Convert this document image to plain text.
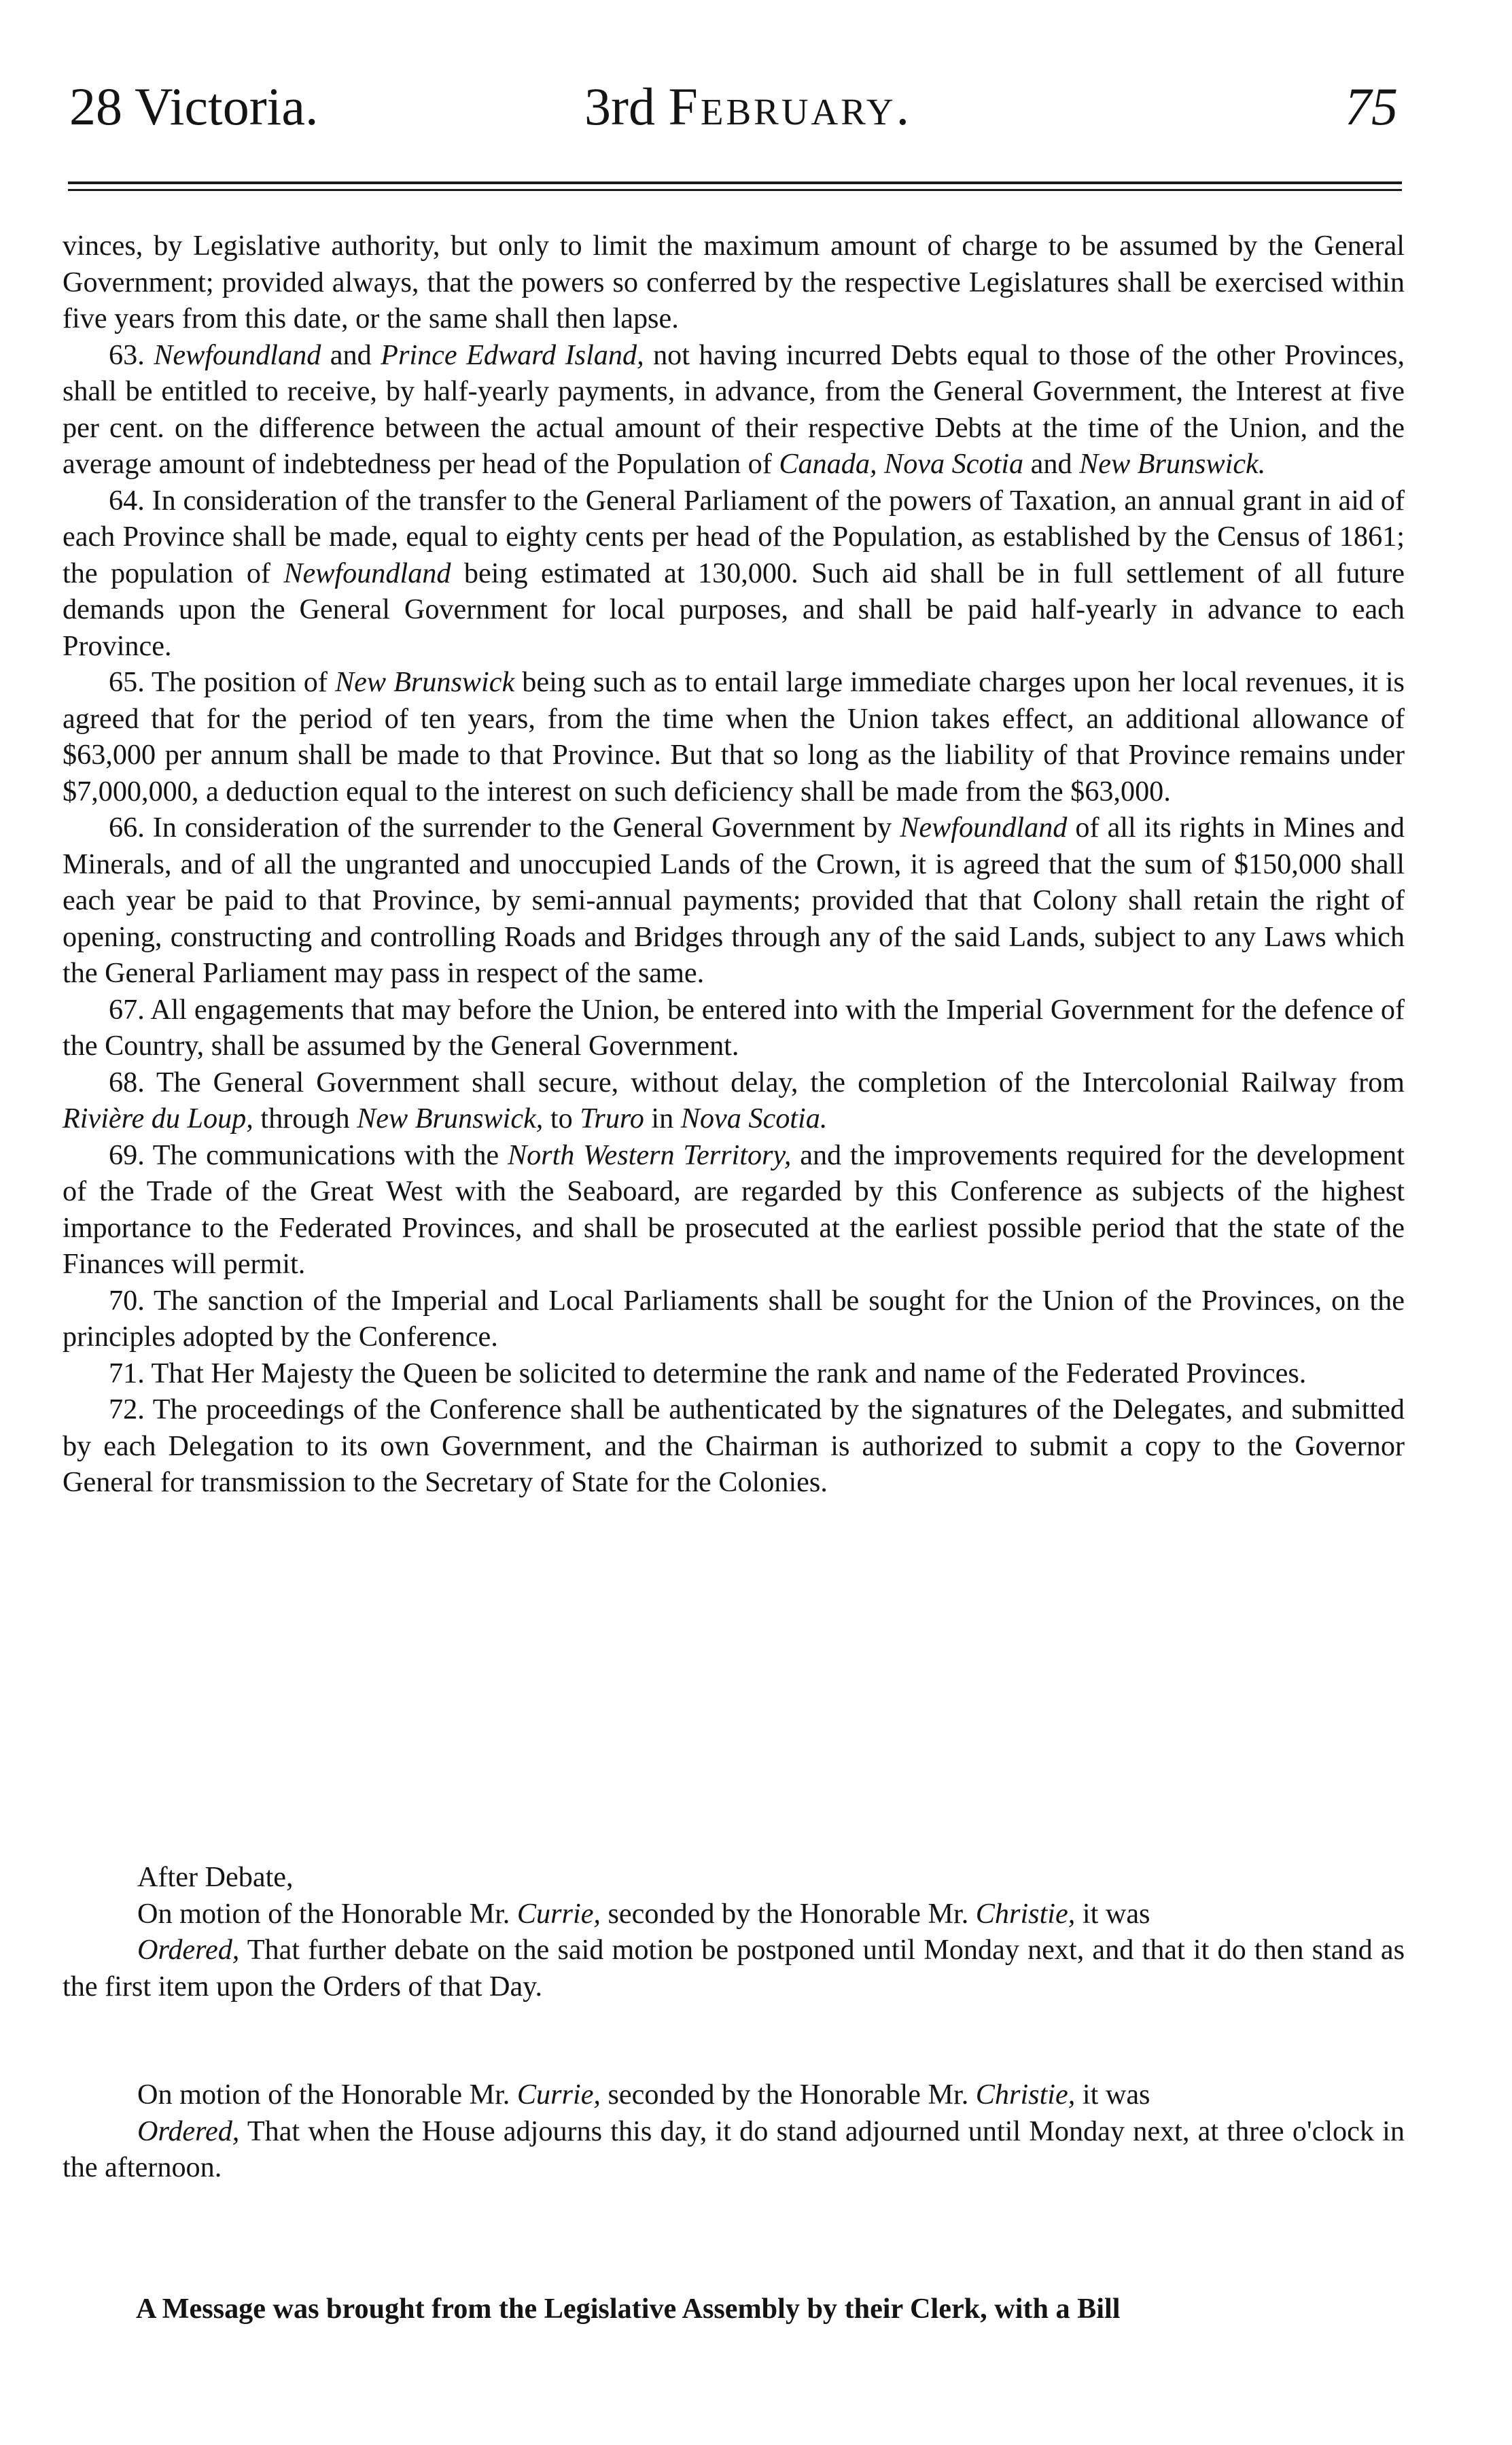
28 Victoria.	3rd February.	75

vinces, by Legislative authority, but only to limit the maximum amount of charge to be assumed by the General Government; provided always, that the powers so conferred by the respective Legislatures shall be exercised within five years from this date, or the same shall then lapse.

63. Newfoundland and Prince Edward Island, not having incurred Debts equal to those of the other Provinces, shall be entitled to receive, by half-yearly payments, in advance, from the General Government, the Interest at five per cent. on the difference between the actual amount of their respective Debts at the time of the Union, and the average amount of indebtedness per head of the Population of Canada, Nova Scotia and New Brunswick.

64. In consideration of the transfer to the General Parliament of the powers of Taxation, an annual grant in aid of each Province shall be made, equal to eighty cents per head of the Population, as established by the Census of 1861; the population of Newfoundland being estimated at 130,000. Such aid shall be in full settlement of all future demands upon the General Government for local purposes, and shall be paid half-yearly in advance to each Province.

65. The position of New Brunswick being such as to entail large immediate charges upon her local revenues, it is agreed that for the period of ten years, from the time when the Union takes effect, an additional allowance of $63,000 per annum shall be made to that Province. But that so long as the liability of that Province remains under $7,000,000, a deduction equal to the interest on such deficiency shall be made from the $63,000.

66. In consideration of the surrender to the General Government by Newfoundland of all its rights in Mines and Minerals, and of all the ungranted and unoccupied Lands of the Crown, it is agreed that the sum of $150,000 shall each year be paid to that Province, by semi-annual payments; provided that that Colony shall retain the right of opening, constructing and controlling Roads and Bridges through any of the said Lands, subject to any Laws which the General Parliament may pass in respect of the same.

67. All engagements that may before the Union, be entered into with the Imperial Government for the defence of the Country, shall be assumed by the General Government.

68. The General Government shall secure, without delay, the completion of the Intercolonial Railway from Rivière du Loup, through New Brunswick, to Truro in Nova Scotia.

69. The communications with the North Western Territory, and the improvements required for the development of the Trade of the Great West with the Seaboard, are regarded by this Conference as subjects of the highest importance to the Federated Provinces, and shall be prosecuted at the earliest possible period that the state of the Finances will permit.

70. The sanction of the Imperial and Local Parliaments shall be sought for the Union of the Provinces, on the principles adopted by the Conference.

71. That Her Majesty the Queen be solicited to determine the rank and name of the Federated Provinces.

72. The proceedings of the Conference shall be authenticated by the signatures of the Delegates, and submitted by each Delegation to its own Government, and the Chairman is authorized to submit a copy to the Governor General for transmission to the Secretary of State for the Colonies.

After Debate,

On motion of the Honorable Mr. Currie, seconded by the Honorable Mr. Christie, it was

Ordered, That further debate on the said motion be postponed until Monday next, and that it do then stand as the first item upon the Orders of that Day.

On motion of the Honorable Mr. Currie, seconded by the Honorable Mr. Christie, it was

Ordered, That when the House adjourns this day, it do stand adjourned until Monday next, at three o'clock in the afternoon.

A Message was brought from the Legislative Assembly by their Clerk, with a Bill
